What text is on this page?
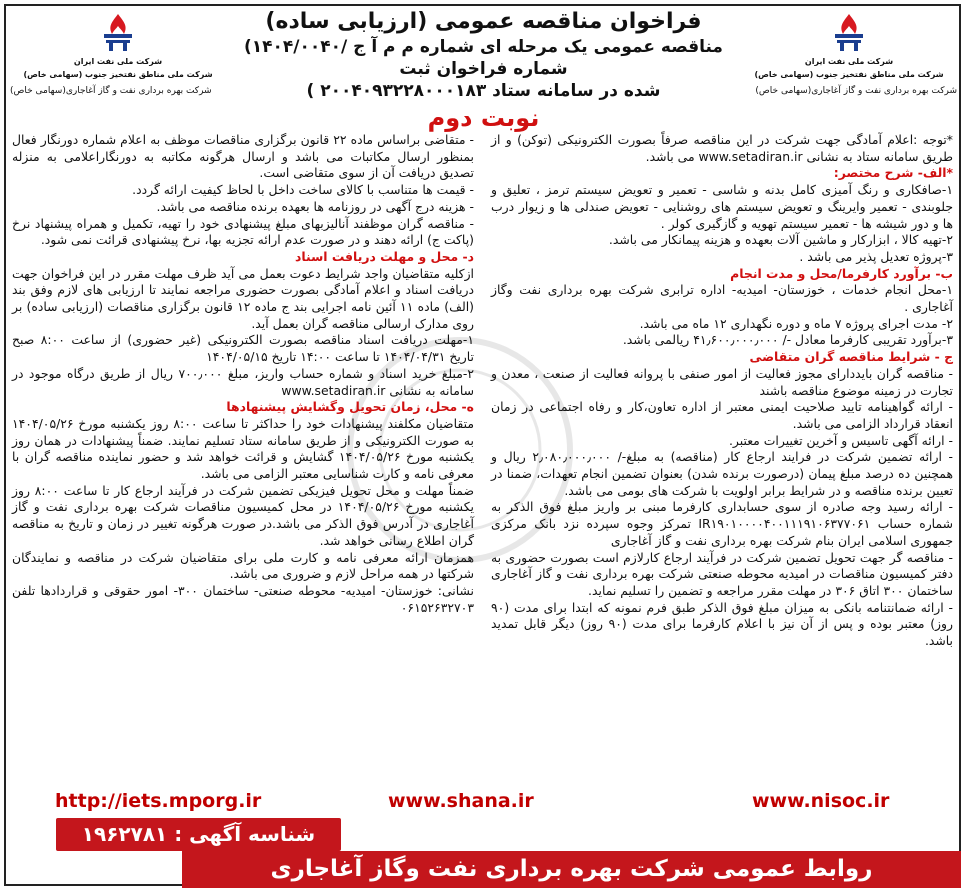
شرکت ملی نفت ایران
شرکت ملی مناطق نفتخیز جنوب (سهامی خاص)
شرکت بهره برداری نفت و گاز آغاجاری(سهامی خاص)
شرکت ملی نفت ایران
شرکت ملی مناطق نفتخیز جنوب (سهامی خاص)
شرکت بهره برداری نفت و گاز آغاجاری(سهامی خاص)
فراخوان مناقصه عمومی (ارزیابی ساده)
مناقصه عمومی یک مرحله ای شماره م م آ ج /۱۴۰۴/۰۰۴۰) شماره فراخوان ثبت
شده در سامانه ستاد ۲۰۰۴۰۹۳۲۲۸۰۰۰۱۸۳ )
نوبت دوم

*توجه :اعلام آمادگی جهت شرکت در این مناقصه صرفاً بصورت الکترونیکی (توکن) و از طریق سامانه ستاد به نشانی www.setadiran.ir می باشد.

*الف- شرح مختصر:

۱-صافکاری و رنگ آمیزی کامل بدنه و شاسی - تعمیر و تعویض سیستم ترمز ، تعلیق و جلوبندی - تعمیر وایرینگ و تعویض سیستم های روشنایی - تعویض صندلی ها و زیوار درب ها و دور شیشه ها - تعمیر سیستم تهویه و گازگیری کولر .

۲-تهیه کالا ، ابزارکار و ماشین آلات بعهده و هزینه پیمانکار می باشد.

۳-پروژه تعدیل پذیر می باشد .

ب- برآورد کارفرما/محل و مدت انجام

۱-محل انجام خدمات ، خوزستان- امیدیه- اداره ترابری شرکت بهره برداری نفت وگاز آغاجاری .

۲- مدت اجرای پروژه ۷ ماه و دوره نگهداری ۱۲ ماه می باشد.

۳-برآورد تقریبی کارفرما معادل -/ ۴۱٫۶۰۰٫۰۰۰٫۰۰۰ ریالمی باشد.

ج - شرایط مناقصه گران متقاضی

- مناقصه گران بایددارای مجوز فعالیت از امور صنفی با پروانه فعالیت از صنعت ، معدن و تجارت در زمینه موضوع مناقصه باشند

- ارائه گواهینامه تایید صلاحیت ایمنی معتبر از اداره تعاون،کار و رفاه اجتماعی در زمان انعقاد قرارداد الزامی می باشد.

- ارائه آگهی تاسیس و آخرین تغییرات معتبر.

- ارائه تضمین شرکت در فرایند ارجاع کار (مناقصه) به مبلغ-/ ۲٫۰۸۰٫۰۰۰٫۰۰۰ ریال و همچنین ده درصد مبلغ پیمان (درصورت برنده شدن) بعنوان تضمین انجام تعهدات، ضمنا در تعیین برنده مناقصه و در شرایط برابر اولویت با شرکت های بومی می باشد.

- ارائه رسید وجه صادره از سوی حسابداری کارفرما مبنی بر واریز مبلغ فوق الذکر به شماره حساب IR۱۹۰۱۰۰۰۰۴۰۰۱۱۱۹۱۰۶۳۷۷۰۶۱ تمرکز وجوه سپرده نزد بانک مرکزی جمهوری اسلامی ایران بنام شرکت بهره برداری نفت و گاز آغاجاری

- مناقصه گر جهت تحویل تضمین شرکت در فرآیند ارجاع کارلازم است بصورت حضوری به دفتر کمیسیون مناقصات در امیدیه محوطه صنعتی شرکت بهره برداری نفت و گاز آغاجاری ساختمان ۳۰۰ اتاق ۳۰۶ در مهلت مقرر مراجعه و تضمین را تسلیم نماید.

- ارائه ضمانتنامه بانکی به میزان مبلغ فوق الذکر طبق فرم نمونه که ابتدا برای مدت (۹۰ روز) معتبر بوده و پس از آن نیز با اعلام کارفرما برای مدت (۹۰ روز) دیگر قابل تمدید باشد.

- متقاضی براساس ماده ۲۲ قانون برگزاری مناقصات موظف به اعلام شماره دورنگار فعال بمنظور ارسال مکاتبات می باشد و ارسال هرگونه مکاتبه به دورنگاراعلامی به منزله تصدیق دریافت آن از سوی متقاضی است.

- قیمت ها متناسب با کالای ساخت داخل با لحاظ کیفیت ارائه گردد.

- هزینه درج آگهی در روزنامه ها بعهده برنده مناقصه می باشد.

- مناقصه گران موظفند آنالیزبهای مبلغ پیشنهادی خود را تهیه، تکمیل و همراه پیشنهاد نرخ (پاکت ج) ارائه دهند و در صورت عدم ارائه تجزیه بها، نرخ پیشنهادی قرائت نمی شود.

د- محل و مهلت دریافت اسناد

ازکلیه متقاضیان واجد شرایط دعوت بعمل می آید ظرف مهلت مقرر در این فراخوان جهت دریافت اسناد و اعلام آمادگی بصورت حضوری مراجعه نمایند تا ارزیابی های لازم وفق بند (الف) ماده ۱۱ آئین نامه اجرایی بند ج ماده ۱۲ قانون برگزاری مناقصات (ارزیابی ساده) بر روی مدارک ارسالی مناقصه گران بعمل آید.

۱-مهلت دریافت اسناد مناقصه بصورت الکترونیکی (غیر حضوری) از ساعت ۸:۰۰ صبح تاریخ ۱۴۰۴/۰۴/۳۱ تا ساعت ۱۴:۰۰ تاریخ ۱۴۰۴/۰۵/۱۵

۲-مبلغ خرید اسناد و شماره حساب واریز، مبلغ ۷۰۰٫۰۰۰ ریال از طریق درگاه موجود در سامانه به نشانی www.setadiran.ir

ه- محل، زمان تحویل وگشایش پیشنهادها

متقاضیان مکلفند پیشنهادات خود را حداکثر تا ساعت ۸:۰۰ روز یکشنبه مورخ ۱۴۰۴/۰۵/۲۶ به صورت الکترونیکی و از طریق سامانه ستاد تسلیم نمایند. ضمناً پیشنهادات در همان روز یکشنبه مورخ ۱۴۰۴/۰۵/۲۶ گشایش و قرائت خواهد شد و حضور نماینده مناقصه گران با معرفی نامه و کارت شناسایی معتبر الزامی می باشد.

ضمناً مهلت و محل تحویل فیزیکی تضمین شرکت در فرآیند ارجاع کار تا ساعت ۸:۰۰ روز یکشنبه مورخ ۱۴۰۴/۰۵/۲۶ در محل کمیسیون مناقصات شرکت بهره برداری نفت و گاز آغاجاری در آدرس فوق الذکر می باشد.در صورت هرگونه تغییر در زمان و تاریخ به مناقصه گران اطلاع رسانی خواهد شد.

همزمان ارائه معرفی نامه و کارت ملی برای متقاضیان شرکت در مناقصه و نمایندگان شرکتها در همه مراحل لازم و ضروری می باشد.

نشانی: خوزستان- امیدیه- محوطه صنعتی- ساختمان ۳۰۰- امور حقوقی و قراردادها تلفن ۰۶۱۵۲۶۳۲۷۰۳

http://iets.mporg.ir	www.shana.ir	www.nisoc.ir
شناسه آگهی : ۱۹۶۲۷۸۱
روابط عمومی شرکت بهره برداری نفت وگاز آغاجاری
